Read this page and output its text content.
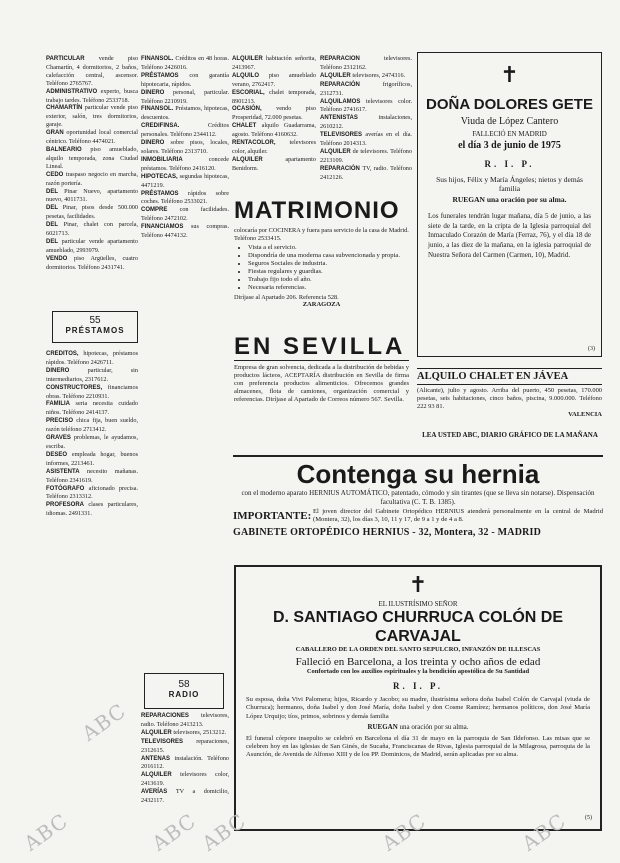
PARTICULAR vende piso Chamartín, 4 dormitorios, 2 baños, calefacción central, ascensor. Teléfono 2765767.

ADMINISTRATIVO experto, busca trabajo tardes. Teléfono 2533718.

CHAMARTÍN particular vende piso exterior, salón, tres dormitorios, garaje.

GRAN oportunidad local comercial céntrico. Teléfono 4474021.

BALNEARIO piso amueblado, alquilo temporada, zona Ciudad Lineal.

CEDO traspaso negocio en marcha, razón portería.

DEL Pinar Nuevo, apartamento nuevo, 4011731.

DEL Pinar, pisos desde 500.000 pesetas, facilidades.

DEL Pinar, chalet con parcela, 6021713.

DEL particular vende apartamento amueblado, 2993979.

VENDO piso Argüelles, cuatro dormitorios. Teléfono 2431741.

55
PRÉSTAMOS

CRÉDITOS, hipotecas, préstamos rápidos. Teléfono 2426711.

DINERO particular, sin intermediarios, 2317612.

CONSTRUCTORES, financiamos obras. Teléfono 2210931.

FAMILIA seria necesita cuidado niños. Teléfono 2414137.

PRECISO chica fija, buen sueldo, razón teléfono 2713412.

GRAVES problemas, le ayudamos, escriba.

DESEO empleada hogar, buenos informes, 2213461.

ASISTENTA necesito mañanas. Teléfono 2341619.

FOTÓGRAFO aficionado precisa. Teléfono 2313312.

PROFESORA clases particulares, idiomas. 2491331.

FINANSOL. Créditos en 48 horas. Teléfono 2426016.

PRÉSTAMOS con garantía hipotecaria, rápidos.

DINERO personal, particular. Teléfono 2210919.

FINANSOL. Préstamos, hipotecas, descuentos.

CREDIFINSA. Créditos personales. Teléfono 2344112.

DINERO sobre pisos, locales, solares. Teléfono 2313710.

INMOBILIARIA concede préstamos. Teléfono 2416120.

HIPOTECAS, segundas hipotecas, 4471219.

PRÉSTAMOS rápidos sobre coches. Teléfono 2533021.

COMPRE con facilidades. Teléfono 2472102.

FINANCIAMOS sus compras. Teléfono 4474132.

58
RADIO

REPARACIONES televisores, radio. Teléfono 2413213.

ALQUILER televisores, 2513212.

TELEVISORES reparaciones, 2312615.

ANTENAS instalación. Teléfono 2016112.

ALQUILER televisores color, 2413619.

AVERÍAS TV a domicilio, 2432117.

ALQUILER habitación señorita, 2413967.

ALQUILO piso amueblado verano, 2762417.

ESCORIAL, chalet temporada, 8901213.

OCASIÓN, vendo piso Prosperidad, 72.000 pesetas.

CHALET alquilo Guadarrama, agosto. Teléfono 4160632.

RENTACOLOR, televisores color, alquiler.

ALQUILER apartamento Benidorm.

REPARACIÓN televisores. Teléfono 2312162.

ALQUILER televisores, 2474316.

REPARACIÓN frigoríficos, 2312731.

ALQUILAMOS televisores color. Teléfono 2741617.

ANTENISTAS instalaciones, 2610212.

TELEVISORES averías en el día. Teléfono 2014313.

ALQUILER de televisores. Teléfono 2213109.

REPARACIÓN TV, radio. Teléfono 2412126.

MATRIMONIO
colocaría por COCINERA y fuera para servicio de la casa de Madrid. Teléfono 2533415.
• Vista a el servicio.
• Dispondría de una moderna casa subvencionada y propia.
• Seguros Sociales de industria.
• Fiestas regulares y guardias.
• Trabajo fijo todo el año.
• Necesaria referencias.
Diríjase al Apartado 206. Referencia 528.
ZARAGOZA
EN SEVILLA
Empresa de gran solvencia, dedicada a la distribución de bebidas y productos lácteos, ACEPTARÍA distribución en Sevilla de firma con preferencia productos alimenticios. Ofrecemos grandes almacenes, flota de camiones, organización comercial y referencias. Diríjase al Apartado de Correos número 567. Sevilla.
✝
DOÑA DOLORES GETE
Viuda de López Cantero
FALLECIÓ EN MADRID
el día 3 de junio de 1975
R. I. P.
Sus hijos, Félix y María Ángeles; nietos y demás familia
RUEGAN una oración por su alma.
Los funerales tendrán lugar mañana, día 5 de junio, a las siete de la tarde, en la cripta de la Iglesia parroquial del Inmaculado Corazón de María (Ferraz, 76), y el día 18 de junio, a las diez de la mañana, en la iglesia parroquial de Nuestra Señora del Carmen (Carmen, 10), Madrid.
(3)
ALQUILO CHALET EN JÁVEA
(Alicante), julio y agosto. Arriba del puerto, 450 pesetas, 170.000 pesetas, seis habitaciones, cinco baños, piscina, 9.000.000. Teléfono 222 93 81.
VALENCIA
LEA USTED ABC, DIARIO GRÁFICO DE LA MAÑANA
Contenga su hernia
con el moderno aparato HERNIUS AUTOMÁTICO, patentado, cómodo y sin tirantes (que se lleva sin notarse). Dispensación facultativa (C. T. B. 1385).
IMPORTANTE: El joven director del Gabinete Ortopédico HERNIUS atenderá personalmente en la central de Madrid (Montera, 32), los días 3, 10, 11 y 17, de 9 a 1 y de 4 a 8.
GABINETE ORTOPÉDICO HERNIUS - 32, Montera, 32 - MADRID
✝
EL ILUSTRÍSIMO SEÑOR
D. SANTIAGO CHURRUCA COLÓN DE CARVAJAL
CABALLERO DE LA ORDEN DEL SANTO SEPULCRO, INFANZÓN DE ILLESCAS
Falleció en Barcelona, a los treinta y ocho años de edad
Confortado con los auxilios espirituales y la bendición apostólica de Su Santidad
R. I. P.
Su esposa, doña Vivi Palomera; hijos, Ricardo y Jacobo; su madre, ilustrísima señora doña Isabel Colón de Carvajal (viuda de Churruca); hermanos, doña Isabel y don José María, doña Isabel y don Cosme Ramírez; hermanos políticos, don José María López Urquijo; tíos, primos, sobrinos y demás familia
RUEGAN una oración por su alma.
El funeral córpore insepulto se celebró en Barcelona el día 31 de mayo en la parroquia de San Ildefonso. Las misas que se celebren hoy en las iglesias de San Ginés, de Sucaña, Franciscanas de Rivas, Iglesia parroquial de la Milagrosa, parroquia de la Asunción, de Avenida de Alfonso XIII y de los PP. Dominicos, de Madrid, serán aplicadas por su alma.
(5)
ABC
ABC	ABC	ABC	ABC
ABC
